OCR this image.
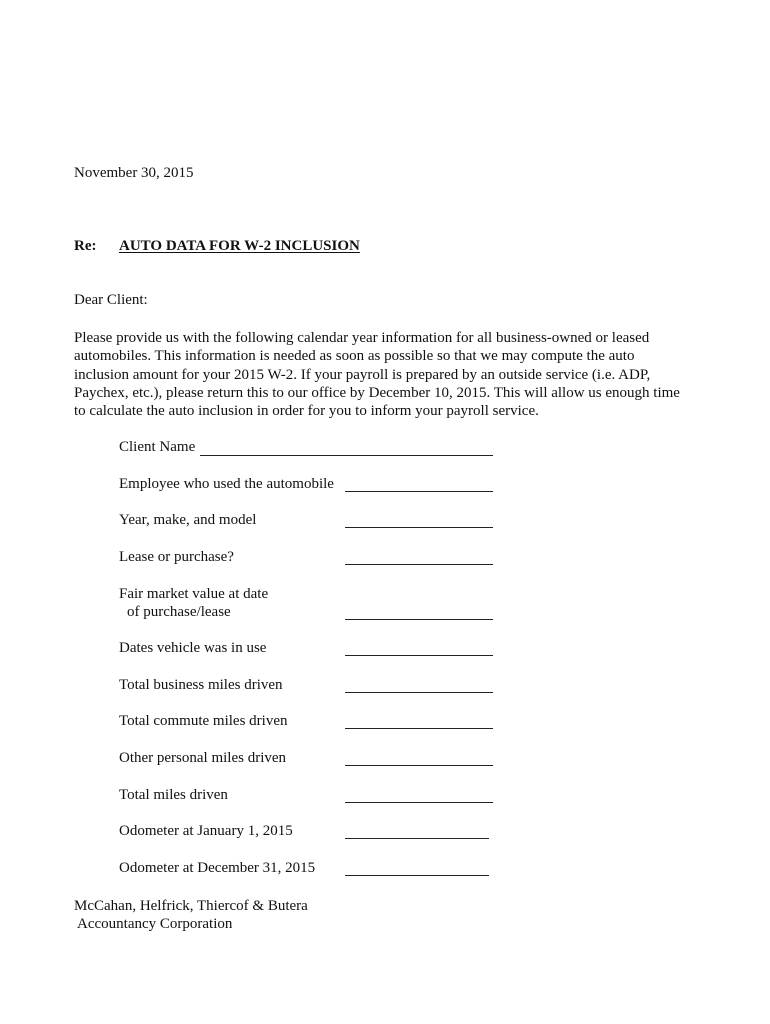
November 30, 2015
Re: AUTO DATA FOR W-2 INCLUSION
Dear Client:
Please provide us with the following calendar year information for all business-owned or leased
automobiles. This information is needed as soon as possible so that we may compute the auto
inclusion amount for your 2015 W-2. If your payroll is prepared by an outside service (i.e. ADP,
Paychex, etc.), please return this to our office by December 10, 2015. This will allow us enough time
to calculate the auto inclusion in order for you to inform your payroll service.
Client Name
Employee who used the automobile
Year, make, and model
Lease or purchase?
Fair market value at date
of purchase/lease
Dates vehicle was in use
Total business miles driven
Total commute miles driven
Other personal miles driven
Total miles driven
Odometer at January 1, 2015
Odometer at December 31, 2015
McCahan, Helfrick, Thiercof & Butera
Accountancy Corporation
